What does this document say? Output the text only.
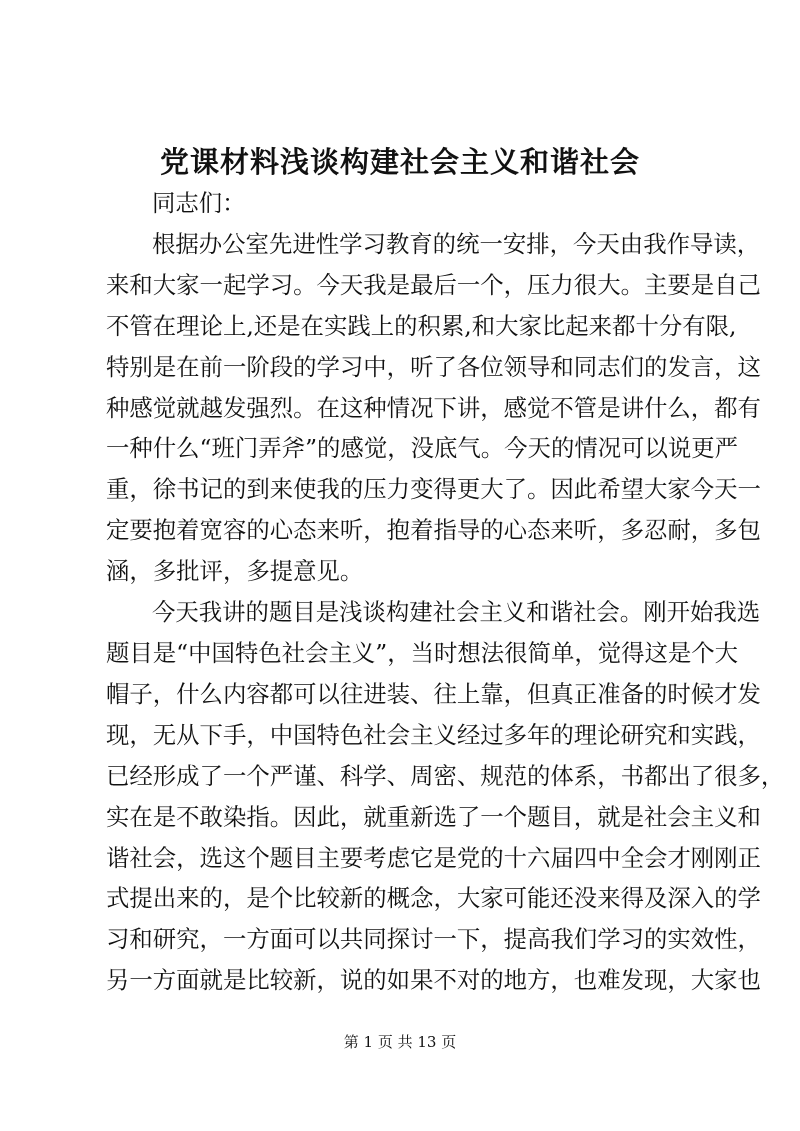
党课材料浅谈构建社会主义和谐社会
同志们：
根据办公室先进性学习教育的统一安排，今天由我作导读，
来和大家一起学习。今天我是最后一个，压力很大。主要是自己
不管在理论上,还是在实践上的积累,和大家比起来都十分有限,
特别是在前一阶段的学习中，听了各位领导和同志们的发言，这
种感觉就越发强烈。在这种情况下讲，感觉不管是讲什么，都有
一种什么“班门弄斧”的感觉，没底气。今天的情况可以说更严
重，徐书记的到来使我的压力变得更大了。因此希望大家今天一
定要抱着宽容的心态来听，抱着指导的心态来听，多忍耐，多包
涵，多批评，多提意见。
今天我讲的题目是浅谈构建社会主义和谐社会。刚开始我选
题目是“中国特色社会主义”，当时想法很简单，觉得这是个大
帽子，什么内容都可以往进装、往上靠，但真正准备的时候才发
现，无从下手，中国特色社会主义经过多年的理论研究和实践，
已经形成了一个严谨、科学、周密、规范的体系，书都出了很多，
实在是不敢染指。因此，就重新选了一个题目，就是社会主义和
谐社会，选这个题目主要考虑它是党的十六届四中全会才刚刚正
式提出来的，是个比较新的概念，大家可能还没来得及深入的学
习和研究，一方面可以共同探讨一下，提高我们学习的实效性，
另一方面就是比较新，说的如果不对的地方，也难发现，大家也
第 1 页 共 13 页
